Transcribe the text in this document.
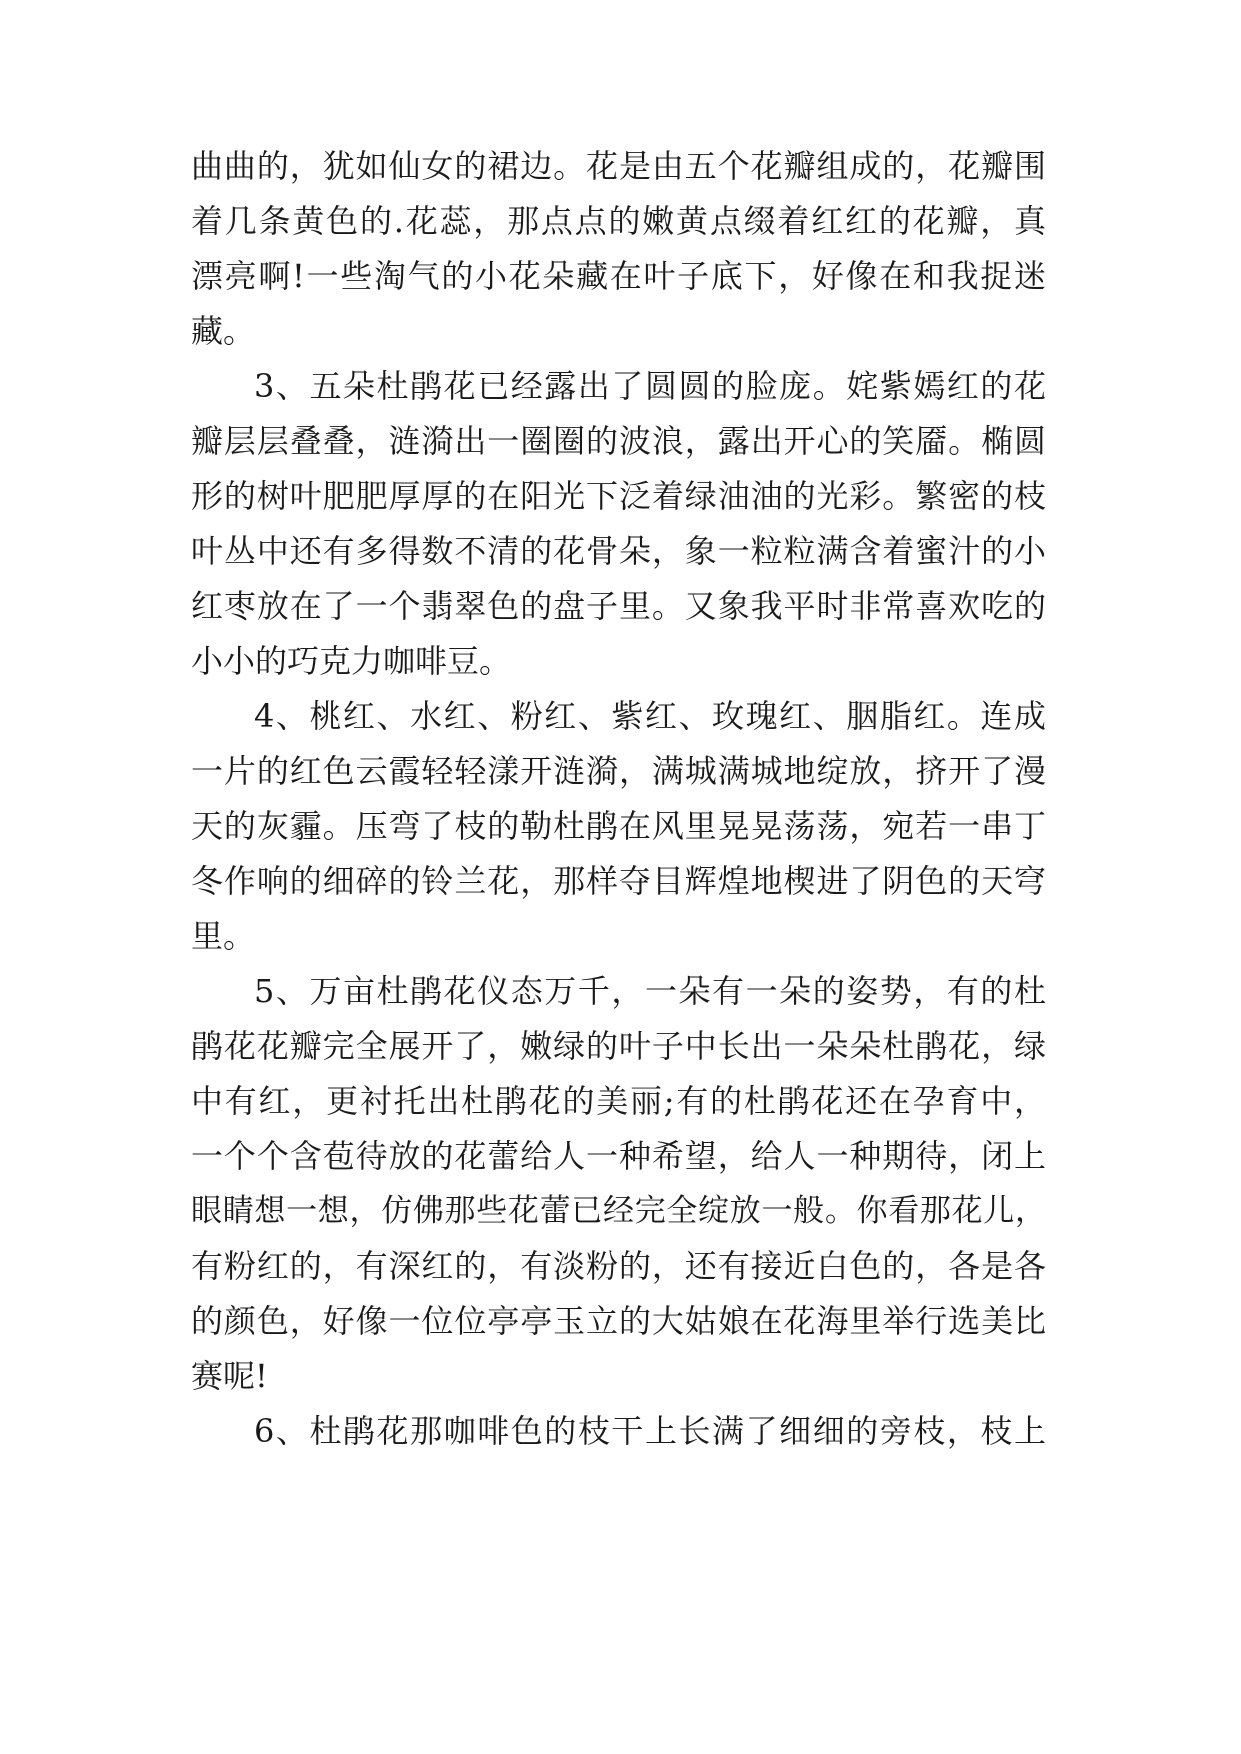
曲曲的，犹如仙女的裙边。花是由五个花瓣组成的，花瓣围
着几条黄色的.花蕊，那点点的嫩黄点缀着红红的花瓣，真
漂亮啊!一些淘气的小花朵藏在叶子底下，好像在和我捉迷
藏。
3、五朵杜鹃花已经露出了圆圆的脸庞。姹紫嫣红的花
瓣层层叠叠，涟漪出一圈圈的波浪，露出开心的笑靥。椭圆
形的树叶肥肥厚厚的在阳光下泛着绿油油的光彩。繁密的枝
叶丛中还有多得数不清的花骨朵，象一粒粒满含着蜜汁的小
红枣放在了一个翡翠色的盘子里。又象我平时非常喜欢吃的
小小的巧克力咖啡豆。
4、桃红、水红、粉红、紫红、玫瑰红、胭脂红。连成
一片的红色云霞轻轻漾开涟漪，满城满城地绽放，挤开了漫
天的灰霾。压弯了枝的勒杜鹃在风里晃晃荡荡，宛若一串丁
冬作响的细碎的铃兰花，那样夺目辉煌地楔进了阴色的天穹
里。
5、万亩杜鹃花仪态万千，一朵有一朵的姿势，有的杜
鹃花花瓣完全展开了，嫩绿的叶子中长出一朵朵杜鹃花，绿
中有红，更衬托出杜鹃花的美丽;有的杜鹃花还在孕育中，
一个个含苞待放的花蕾给人一种希望，给人一种期待，闭上
眼睛想一想，仿佛那些花蕾已经完全绽放一般。你看那花儿，
有粉红的，有深红的，有淡粉的，还有接近白色的，各是各
的颜色，好像一位位亭亭玉立的大姑娘在花海里举行选美比
赛呢!
6、杜鹃花那咖啡色的枝干上长满了细细的旁枝，枝上
